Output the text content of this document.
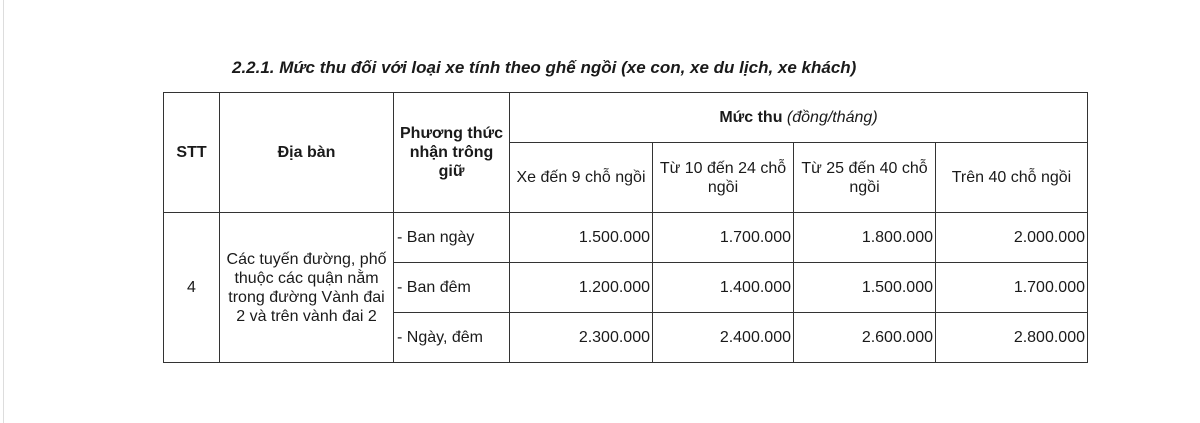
2.2.1. Mức thu đối với loại xe tính theo ghế ngồi (xe con, xe du lịch, xe khách)
STT	Địa bàn	Phương thức nhận trông giữ	Mức thu (đồng/tháng)			
			Xe đến 9 chỗ ngồi	Từ 10 đến 24 chỗ ngồi	Từ 25 đến 40 chỗ ngồi	Trên 40 chỗ ngồi
4	Các tuyến đường, phố thuộc các quận nằm trong đường Vành đai 2 và trên vành đai 2	- Ban ngày	1.500.000	1.700.000	1.800.000	2.000.000
		- Ban đêm	1.200.000	1.400.000	1.500.000	1.700.000
		- Ngày, đêm	2.300.000	2.400.000	2.600.000	2.800.000
